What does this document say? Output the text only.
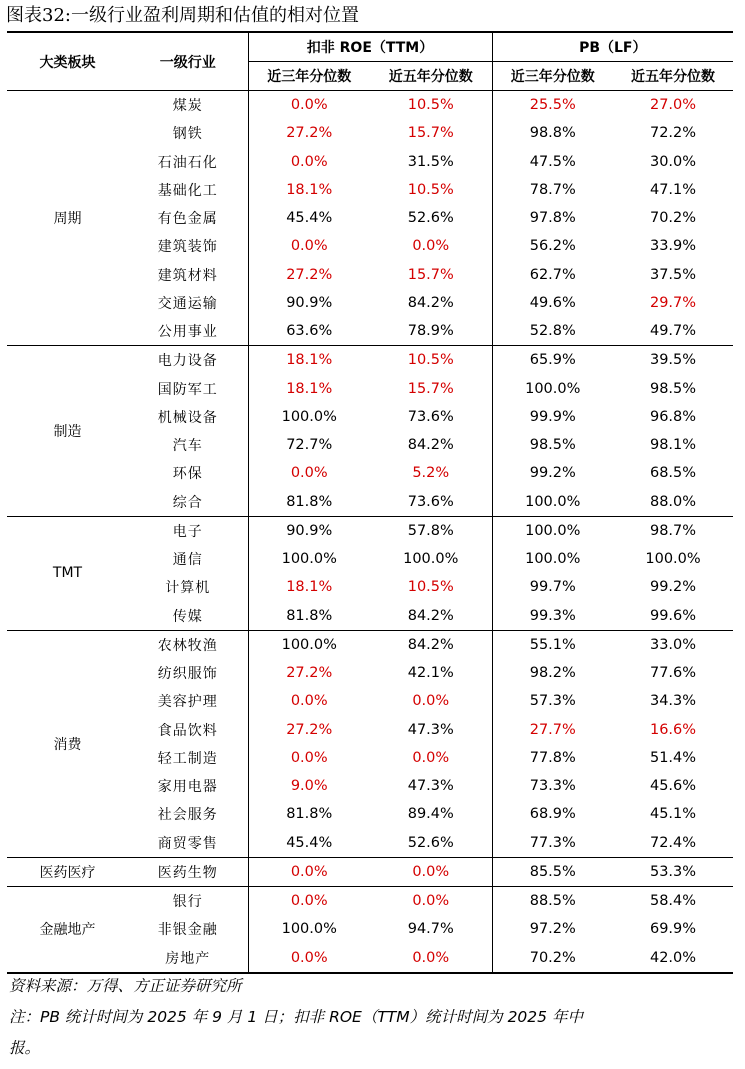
图表32:一级行业盈利周期和估值的相对位置
大类板块	一级行业	扣非 ROE（TTM）		PB（LF）	
		近三年分位数	近五年分位数	近三年分位数	近五年分位数
周期	煤炭	0.0%	10.5%	25.5%	27.0%
	钢铁	27.2%	15.7%	98.8%	72.2%
	石油石化	0.0%	31.5%	47.5%	30.0%
	基础化工	18.1%	10.5%	78.7%	47.1%
	有色金属	45.4%	52.6%	97.8%	70.2%
	建筑装饰	0.0%	0.0%	56.2%	33.9%
	建筑材料	27.2%	15.7%	62.7%	37.5%
	交通运输	90.9%	84.2%	49.6%	29.7%
	公用事业	63.6%	78.9%	52.8%	49.7%
制造	电力设备	18.1%	10.5%	65.9%	39.5%
	国防军工	18.1%	15.7%	100.0%	98.5%
	机械设备	100.0%	73.6%	99.9%	96.8%
	汽车	72.7%	84.2%	98.5%	98.1%
	环保	0.0%	5.2%	99.2%	68.5%
	综合	81.8%	73.6%	100.0%	88.0%
TMT	电子	90.9%	57.8%	100.0%	98.7%
	通信	100.0%	100.0%	100.0%	100.0%
	计算机	18.1%	10.5%	99.7%	99.2%
	传媒	81.8%	84.2%	99.3%	99.6%
消费	农林牧渔	100.0%	84.2%	55.1%	33.0%
	纺织服饰	27.2%	42.1%	98.2%	77.6%
	美容护理	0.0%	0.0%	57.3%	34.3%
	食品饮料	27.2%	47.3%	27.7%	16.6%
	轻工制造	0.0%	0.0%	77.8%	51.4%
	家用电器	9.0%	47.3%	73.3%	45.6%
	社会服务	81.8%	89.4%	68.9%	45.1%
	商贸零售	45.4%	52.6%	77.3%	72.4%
医药医疗	医药生物	0.0%	0.0%	85.5%	53.3%
金融地产	银行	0.0%	0.0%	88.5%	58.4%
	非银金融	100.0%	94.7%	97.2%	69.9%
	房地产	0.0%	0.0%	70.2%	42.0%
资料来源：万得、方正证券研究所
注：PB 统计时间为 2025 年 9 月 1 日；扣非 ROE（TTM）统计时间为 2025 年中
报。
